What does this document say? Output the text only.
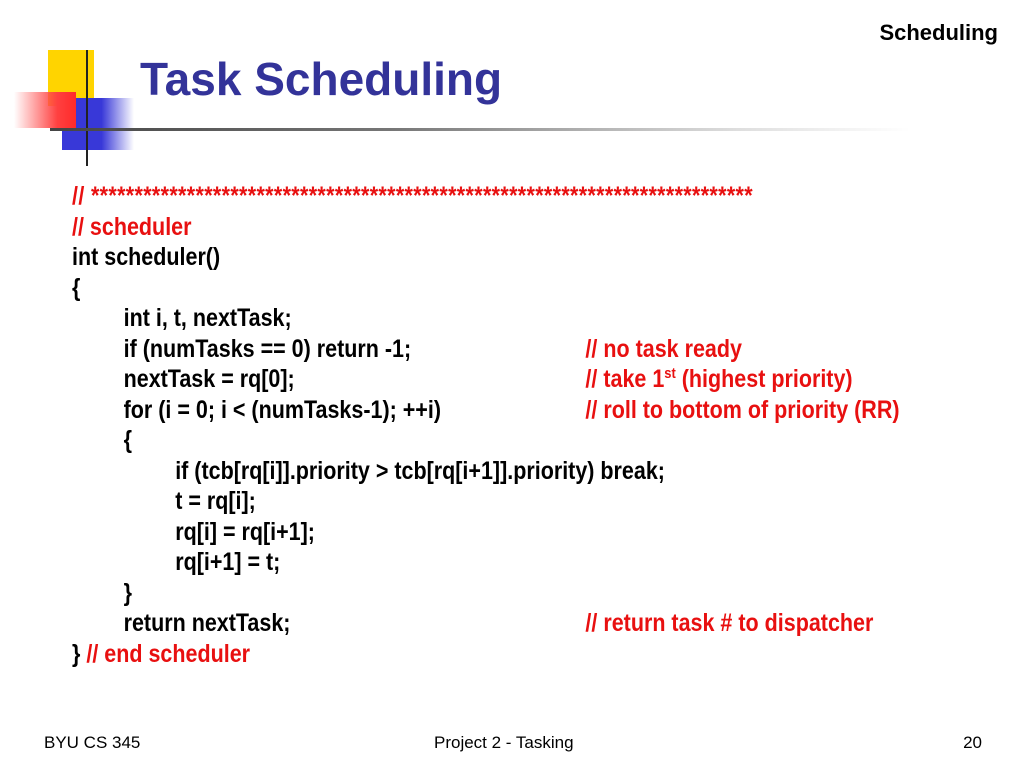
Scheduling
Task Scheduling

// ****************************************************************************

// scheduler

int scheduler()

{

int i, t, nextTask;

if (numTasks == 0) return -1;

	// no task ready

nextTask = rq[0];

	// take 1st (highest priority)

for (i = 0; i < (numTasks-1); ++i)

	// roll to bottom of priority (RR)

{

if (tcb[rq[i]].priority > tcb[rq[i+1]].priority) break;

t = rq[i];

rq[i] = rq[i+1];

rq[i+1] = t;

}

return nextTask;

	// return task # to dispatcher

} // end scheduler

BYU CS 345	Project 2 - Tasking	20
